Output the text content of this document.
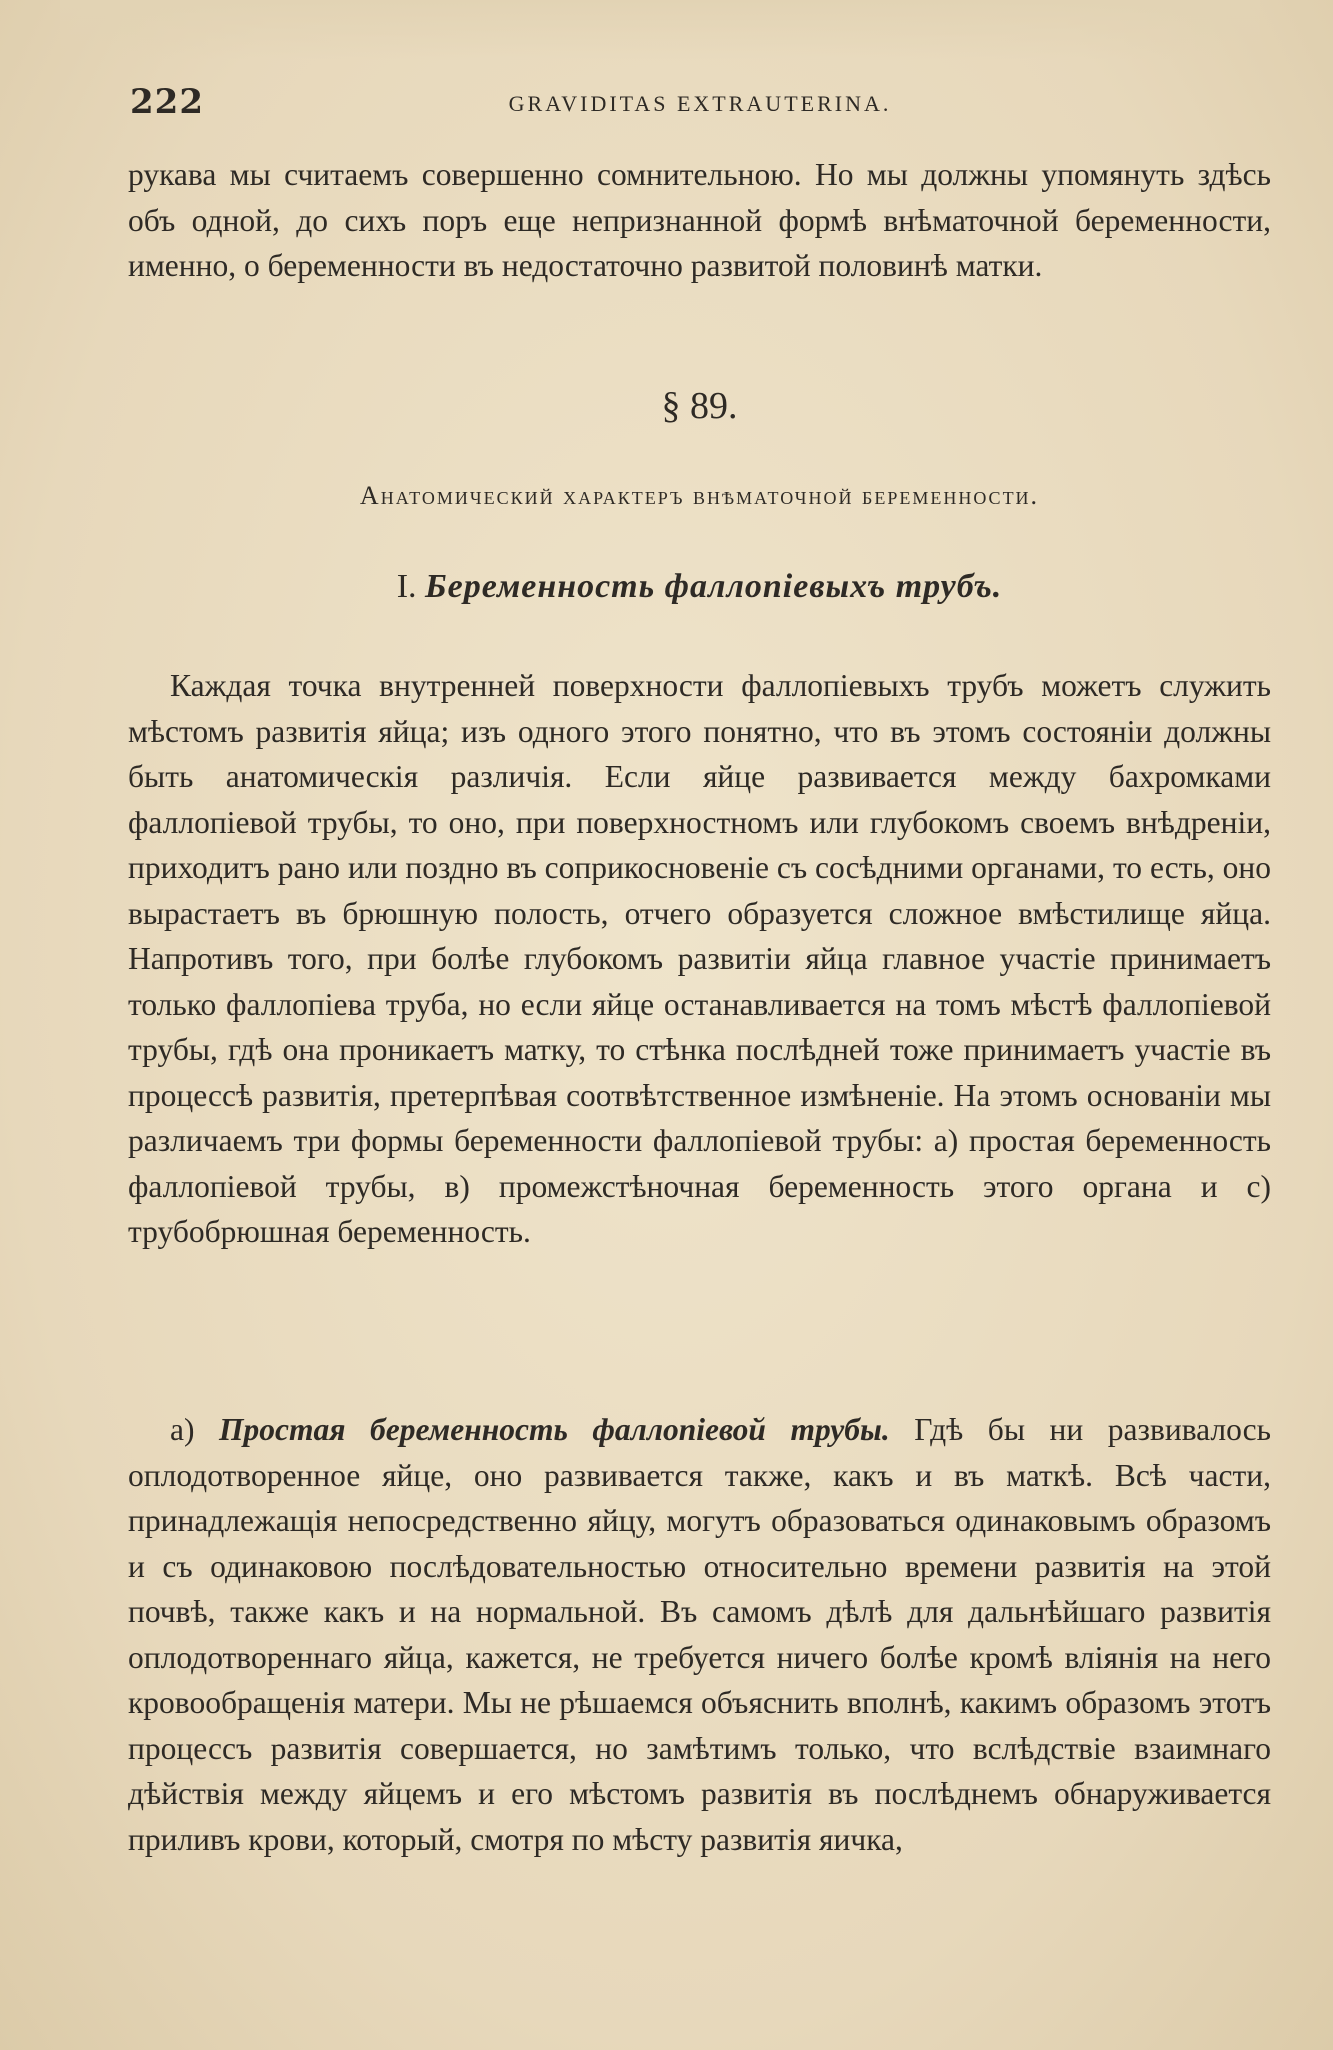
222	GRAVIDITAS EXTRAUTERINA.

рукава мы считаемъ совершенно сомнительною. Но мы должны упомянуть здѣсь объ одной, до сихъ поръ еще непризнанной формѣ внѣматочной беременности, именно, о беременности въ недостаточно развитой половинѣ матки.

§ 89.
Анатомический характеръ внѣматочной беременности.
I. Беременность фаллопіевыхъ трубъ.

Каждая точка внутренней поверхности фаллопіевыхъ трубъ можетъ служить мѣстомъ развитія яйца; изъ одного этого понятно, что въ этомъ состояніи должны быть анатомическія различія. Если яйце развивается между бахромками фаллопіевой трубы, то оно, при поверхностномъ или глубокомъ своемъ внѣдреніи, приходитъ рано или поздно въ соприкосновеніе съ сосѣдними органами, то есть, оно вырастаетъ въ брюшную полость, отчего образуется сложное вмѣстилище яйца. Напротивъ того, при болѣе глубокомъ развитіи яйца главное участіе принимаетъ только фаллопіева труба, но если яйце останавливается на томъ мѣстѣ фаллопіевой трубы, гдѣ она проникаетъ матку, то стѣнка послѣдней тоже принимаетъ участіе въ процессѣ развитія, претерпѣвая соотвѣтственное измѣненіе. На этомъ основаніи мы различаемъ три формы беременности фаллопіевой трубы: а) простая беременность фаллопіевой трубы, в) промежстѣночная беременность этого органа и с) трубобрюшная беременность.

а) Простая беременность фаллопіевой трубы. Гдѣ бы ни развивалось оплодотворенное яйце, оно развивается также, какъ и въ маткѣ. Всѣ части, принадлежащія непосредственно яйцу, могутъ образоваться одинаковымъ образомъ и съ одинаковою послѣдовательностью относительно времени развитія на этой почвѣ, также какъ и на нормальной. Въ самомъ дѣлѣ для дальнѣйшаго развитія оплодотвореннаго яйца, кажется, не требуется ничего болѣе кромѣ вліянія на него кровообращенія матери. Мы не рѣшаемся объяснить вполнѣ, какимъ образомъ этотъ процессъ развитія совершается, но замѣтимъ только, что вслѣдствіе взаимнаго дѣйствія между яйцемъ и его мѣстомъ развитія въ послѣднемъ обнаруживается приливъ крови, который, смотря по мѣсту развитія яичка,
